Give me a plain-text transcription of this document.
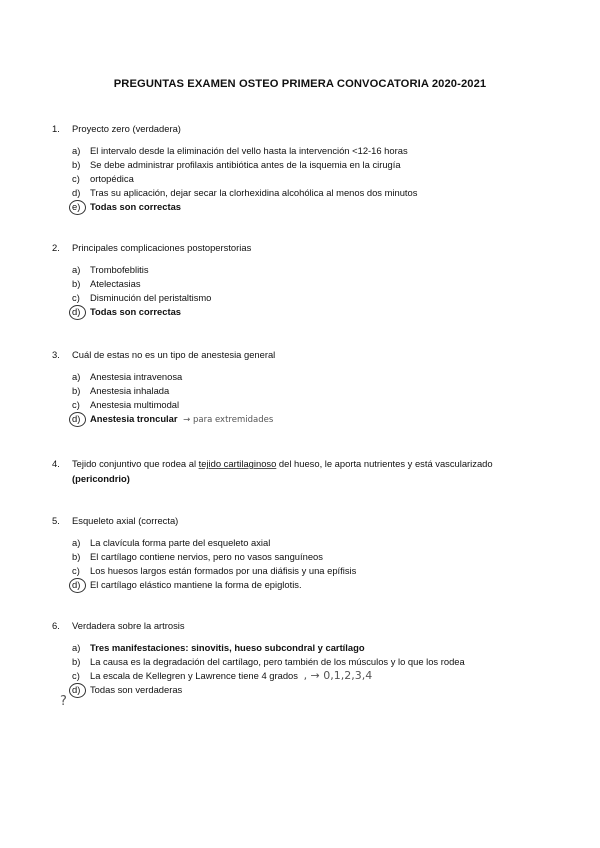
PREGUNTAS EXAMEN OSTEO PRIMERA CONVOCATORIA 2020-2021
1. Proyecto zero (verdadera)
a) El intervalo desde la eliminación del vello hasta la intervención <12-16 horas
b) Se debe administrar profilaxis antibiótica antes de la isquemia en la cirugía
c) ortopédica
d) Tras su aplicación, dejar secar la clorhexidina alcohólica al menos dos minutos
e) Todas son correctas
2. Principales complicaciones postoperstorias
a) Trombofeblitis
b) Atelectasias
c) Disminución del peristaltismo
d) Todas son correctas
3. Cuál de estas no es un tipo de anestesia general
a) Anestesia intravenosa
b) Anestesia inhalada
c) Anestesia multimodal
d) Anestesia troncular → para extremidades
4. Tejido conjuntivo que rodea al tejido cartilaginoso del hueso, le aporta nutrientes y está vascularizado
(pericondrio)
5. Esqueleto axial (correcta)
a) La clavícula forma parte del esqueleto axial
b) El cartílago contiene nervios, pero no vasos sanguíneos
c) Los huesos largos están formados por una diáfisis y una epífisis
d) El cartílago elástico mantiene la forma de epiglotis.
6. Verdadera sobre la artrosis
a) Tres manifestaciones: sinovitis, hueso subcondral y cartílago
b) La causa es la degradación del cartílago, pero también de los músculos y lo que los rodea
c) La escala de Kellegren y Lawrence tiene 4 grados , → 0,1,2,3,4
d) Todas son verdaderas
?
